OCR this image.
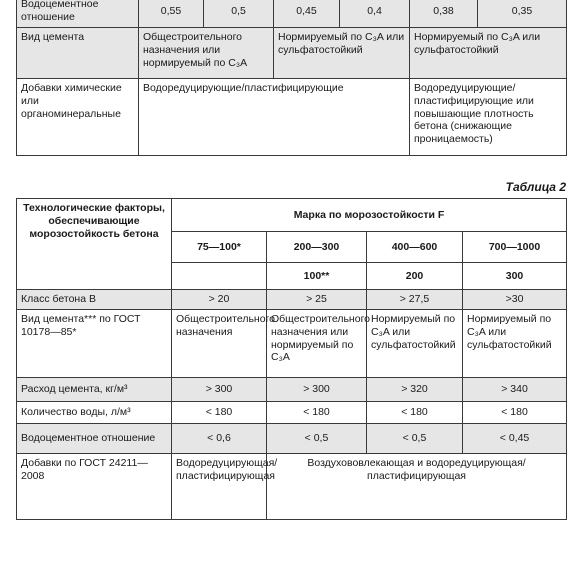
Водоцементное отношение	0,55	0,5	0,45	0,4	0,38	0,35
Вид цемента	Общестроительного назначения или нормируемый по C₃A		Нормируемый по C₃A или сульфатостойкий		Нормируемый по C₃A или сульфатостойкий	
Добавки химические или органоминеральные	Водоредуцирующие/пластифицирующие				Водоредуцирующие/ пластифицирующие или повышающие плотность бетона (снижающие проницаемость)	
Таблица 2
Технологические факторы, обеспечивающие морозостойкость бетона	Марка по морозостойкости F			
	75—100*	200—300	400—600	700—1000
		100**	200	300
Класс бетона В	> 20	> 25	> 27,5	>30
Вид цемента*** по ГОСТ 10178—85*	Общестроительного назначения	Общестроительного назначения или нормируемый по C₃A	Нормируемый по C₃A или сульфатостойкий	Нормируемый по C₃A или сульфатостойкий
Расход цемента, кг/м³	> 300	> 300	> 320	> 340
Количество воды, л/м³	< 180	< 180	< 180	< 180
Водоцементное отношение	< 0,6	< 0,5	< 0,5	< 0,45
Добавки по ГОСТ 24211—2008	Водоредуцирующая/ пластифицирующая	Воздухововлекающая и водоредуцирующая/ пластифицирующая		
